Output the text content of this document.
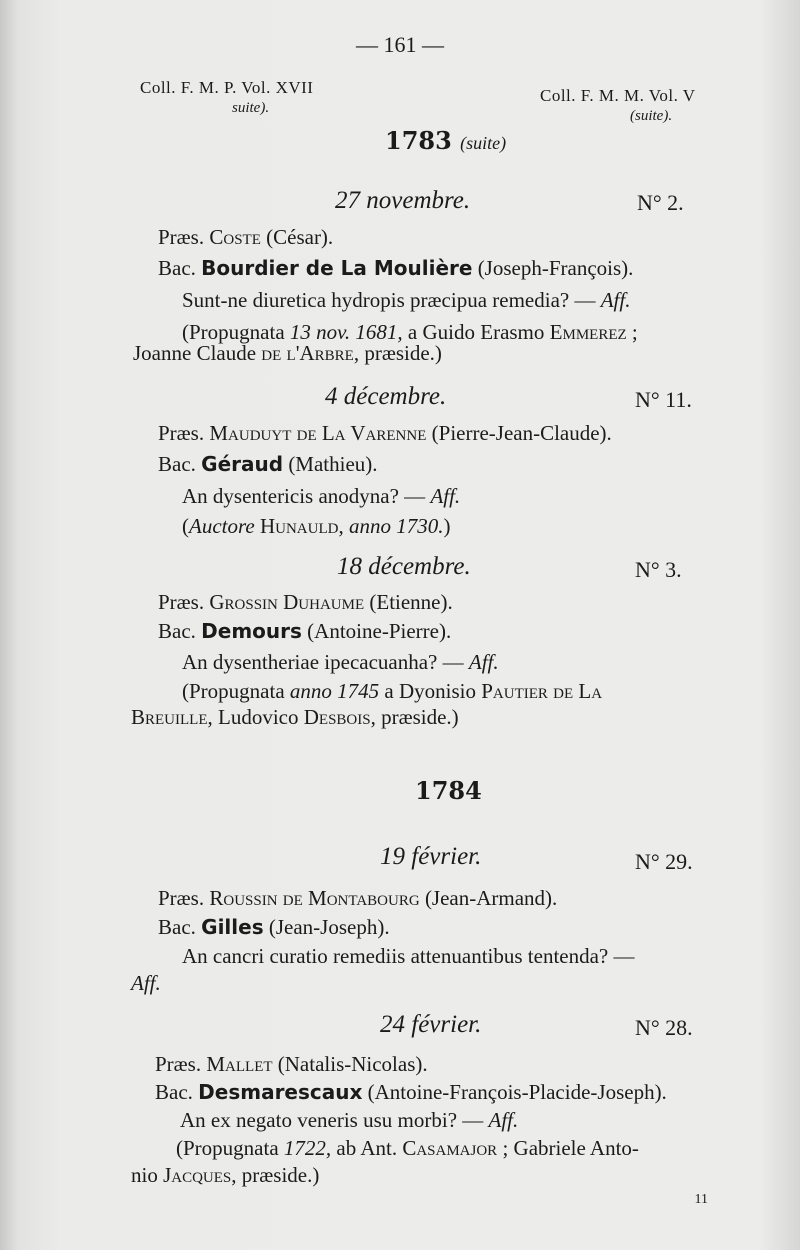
— 161 —
Coll. F. M. P. Vol. XVII
suite).
Coll. F. M. M. Vol. V
(suite).
1783 (suite)
27 novembre.	N° 2.
Præs. Coste (César).
Bac. Bourdier de La Moulière (Joseph-François).
Sunt-ne diuretica hydropis præcipua remedia? — Aff.
(Propugnata 13 nov. 1681, a Guido Erasmo Emmerez ;
Joanne Claude de l'Arbre, præside.)
4 décembre.	N° 11.
Præs. Mauduyt de La Varenne (Pierre-Jean-Claude).
Bac. Géraud (Mathieu).
An dysentericis anodyna? — Aff.
(Auctore Hunauld, anno 1730.)
18 décembre.	N° 3.
Præs. Grossin Duhaume (Etienne).
Bac. Demours (Antoine-Pierre).
An dysentheriae ipecacuanha? — Aff.
(Propugnata anno 1745 a Dyonisio Pautier de La
Breuille, Ludovico Desbois, præside.)
1784
19 février.	N° 29.
Præs. Roussin de Montabourg (Jean-Armand).
Bac. Gilles (Jean-Joseph).
An cancri curatio remediis attenuantibus tentenda? —
Aff.
24 février.	N° 28.
Præs. Mallet (Natalis-Nicolas).
Bac. Desmarescaux (Antoine-François-Placide-Joseph).
An ex negato veneris usu morbi? — Aff.
(Propugnata 1722, ab Ant. Casamajor ; Gabriele Anto-
nio Jacques, præside.)
11
